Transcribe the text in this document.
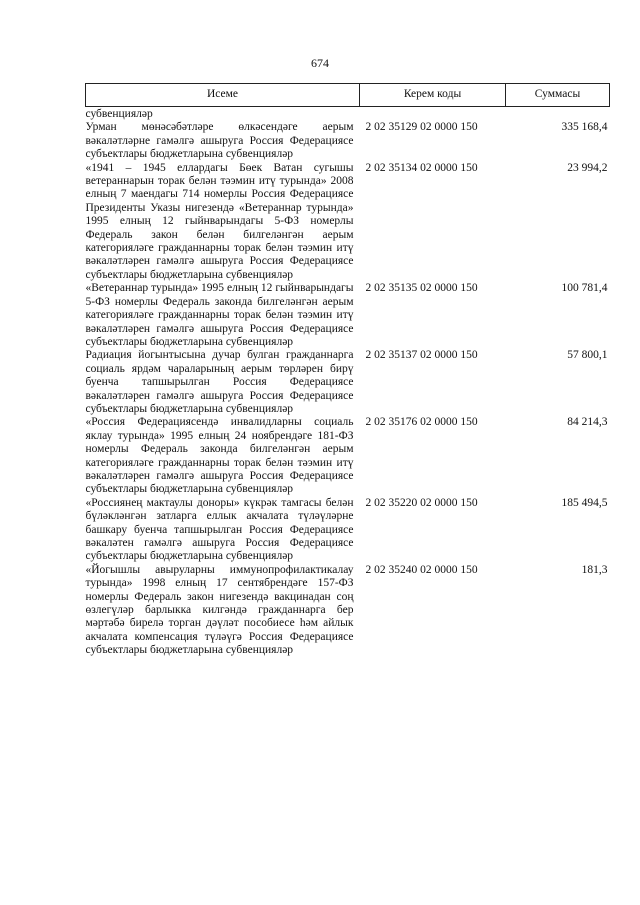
674
Исеме	Керем коды	Суммасы
субвенцияләр		
Урман мөнәсәбәтләре өлкәсендәге аерым вәкаләтләрне гамәлгә ашыруга Россия Федерациясе субъектлары бюджетларына субвенцияләр	2 02 35129 02 0000 150	335 168,4
«1941 – 1945 еллардагы Бөек Ватан сугышы ветераннарын торак белән тәэмин итү турында» 2008 елның 7 маендагы 714 номерлы Россия Федерациясе Президенты Указы нигезендә «Ветераннар турында» 1995 елның 12 гыйнварындагы 5-ФЗ номерлы Федераль закон белән билгеләнгән аерым категорияләге гражданнарны торак белән тәэмин итү вәкаләтләрен гамәлгә ашыруга Россия Федерациясе субъектлары бюджетларына субвенцияләр	2 02 35134 02 0000 150	23 994,2
«Ветераннар турында» 1995 елның 12 гыйнварындагы 5-ФЗ номерлы Федераль законда билгеләнгән аерым категорияләге гражданнарны торак белән тәэмин итү вәкаләтләрен гамәлгә ашыруга Россия Федерациясе субъектлары бюджетларына субвенцияләр	2 02 35135 02 0000 150	100 781,4
Радиация йогынтысына дучар булган гражданнарга социаль ярдәм чараларының аерым төрләрен бирү буенча тапшырылган Россия Федерациясе вәкаләтләрен гамәлгә ашыруга Россия Федерациясе субъектлары бюджетларына субвенцияләр	2 02 35137 02 0000 150	57 800,1
«Россия Федерациясендә инвалидларны социаль яклау турында» 1995 елның 24 ноябрендәге 181-ФЗ номерлы Федераль законда билгеләнгән аерым категорияләге гражданнарны торак белән тәэмин итү вәкаләтләрен гамәлгә ашыруга Россия Федерациясе субъектлары бюджетларына субвенцияләр	2 02 35176 02 0000 150	84 214,3
«Россиянең мактаулы доноры» күкрәк тамгасы белән бүләкләнгән затларга еллык акчалата түләүләрне башкару буенча тапшырылган Россия Федерациясе вәкаләтен гамәлгә ашыруга Россия Федерациясе субъектлары бюджетларына субвенцияләр	2 02 35220 02 0000 150	185 494,5
«Йогышлы авыруларны иммунопрофилактикалау турында» 1998 елның 17 сентябрендәге 157-ФЗ номерлы Федераль закон нигезендә вакцинадан соң өзлегүләр барлыкка килгәндә гражданнарга бер мәртәбә бирелә торган дәүләт пособиесе һәм айлык акчалата компенсация түләүгә Россия Федерациясе субъектлары бюджетларына субвенцияләр	2 02 35240 02 0000 150	181,3
